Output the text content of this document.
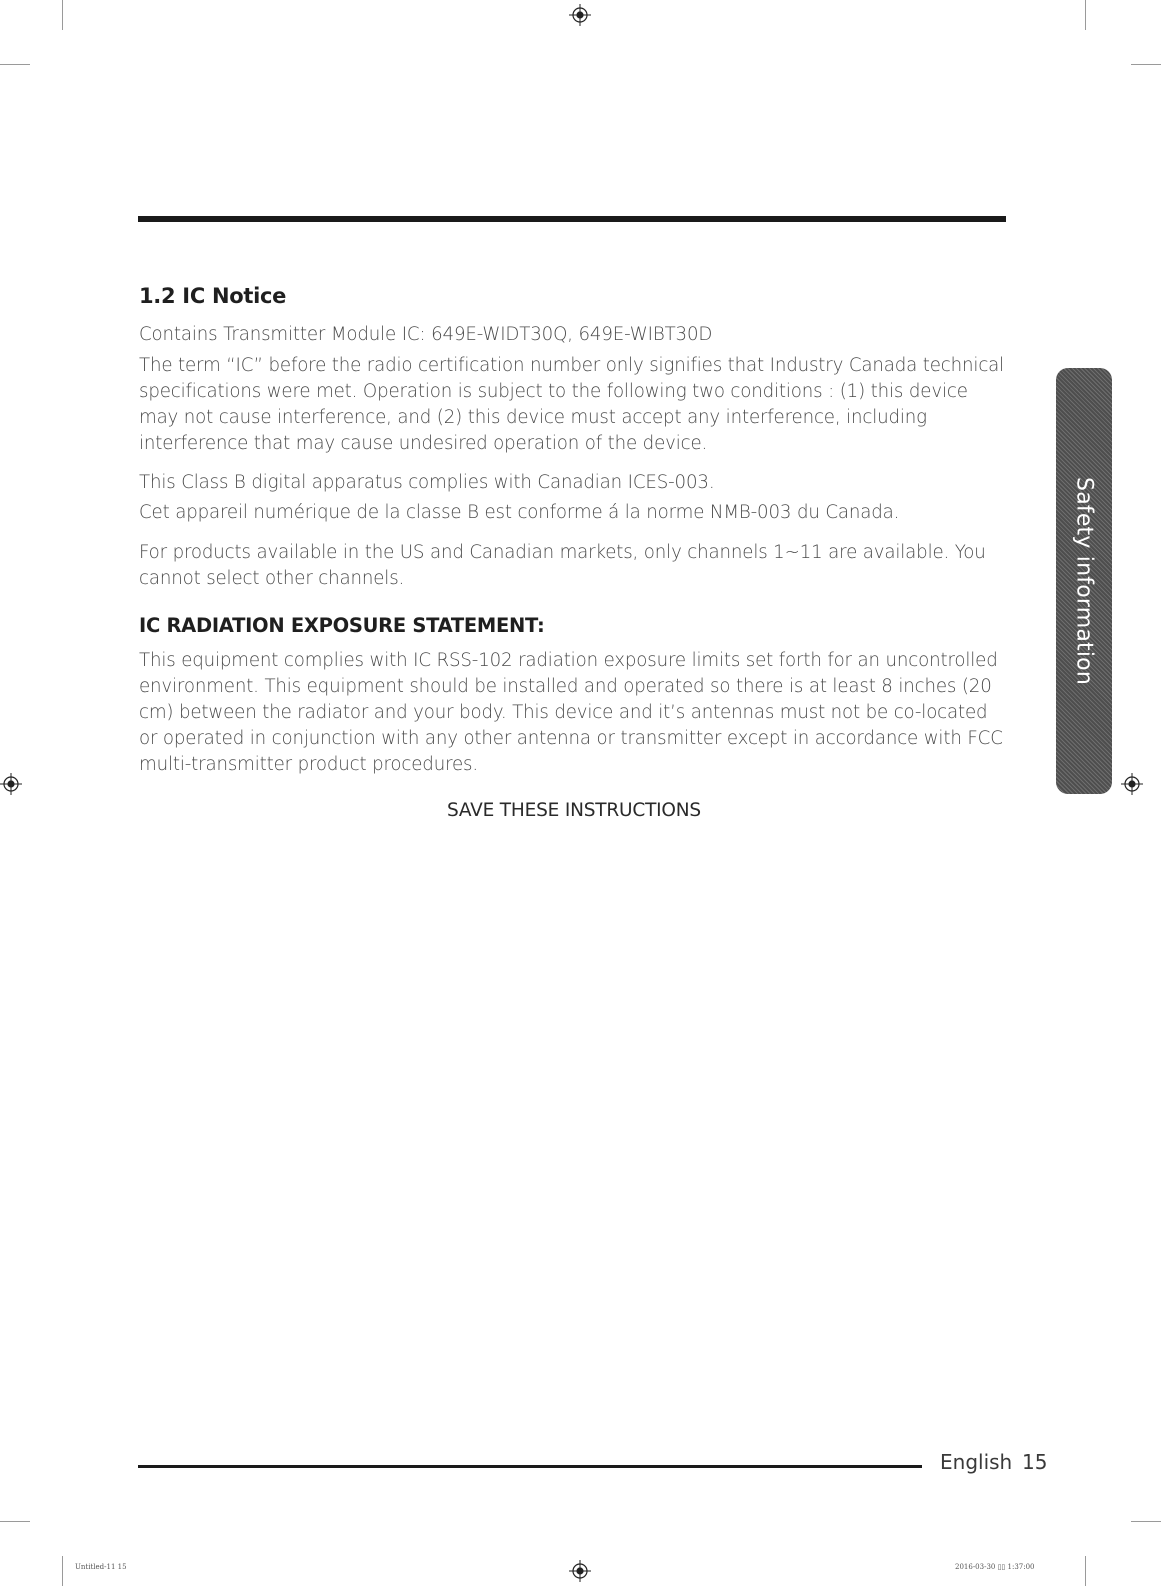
1.2 IC Notice

Contains Transmitter Module IC: 649E-WIDT30Q, 649E-WIBT30D

The term “IC” before the radio certification number only signifies that Industry Canada technical specifications were met. Operation is subject to the following two conditions : (1) this device may not cause interference, and (2) this device must accept any interference, including interference that may cause undesired operation of the device.

This Class B digital apparatus complies with Canadian ICES-003.

Cet appareil numérique de la classe B est conforme á la norme NMB-003 du Canada.

For products available in the US and Canadian markets, only channels 1~11 are available. You cannot select other channels.

IC RADIATION EXPOSURE STATEMENT:

This equipment complies with IC RSS-102 radiation exposure limits set forth for an uncontrolled environment. This equipment should be installed and operated so there is at least 8 inches (20 cm) between the radiator and your body. This device and it’s antennas must not be co-located or operated in conjunction with any other antenna or transmitter except in accordance with FCC multi-transmitter product procedures.

SAVE THESE INSTRUCTIONS
Safety information
English 15
Untitled-11 15	2016-03-30 ▯▯ 1:37:00
